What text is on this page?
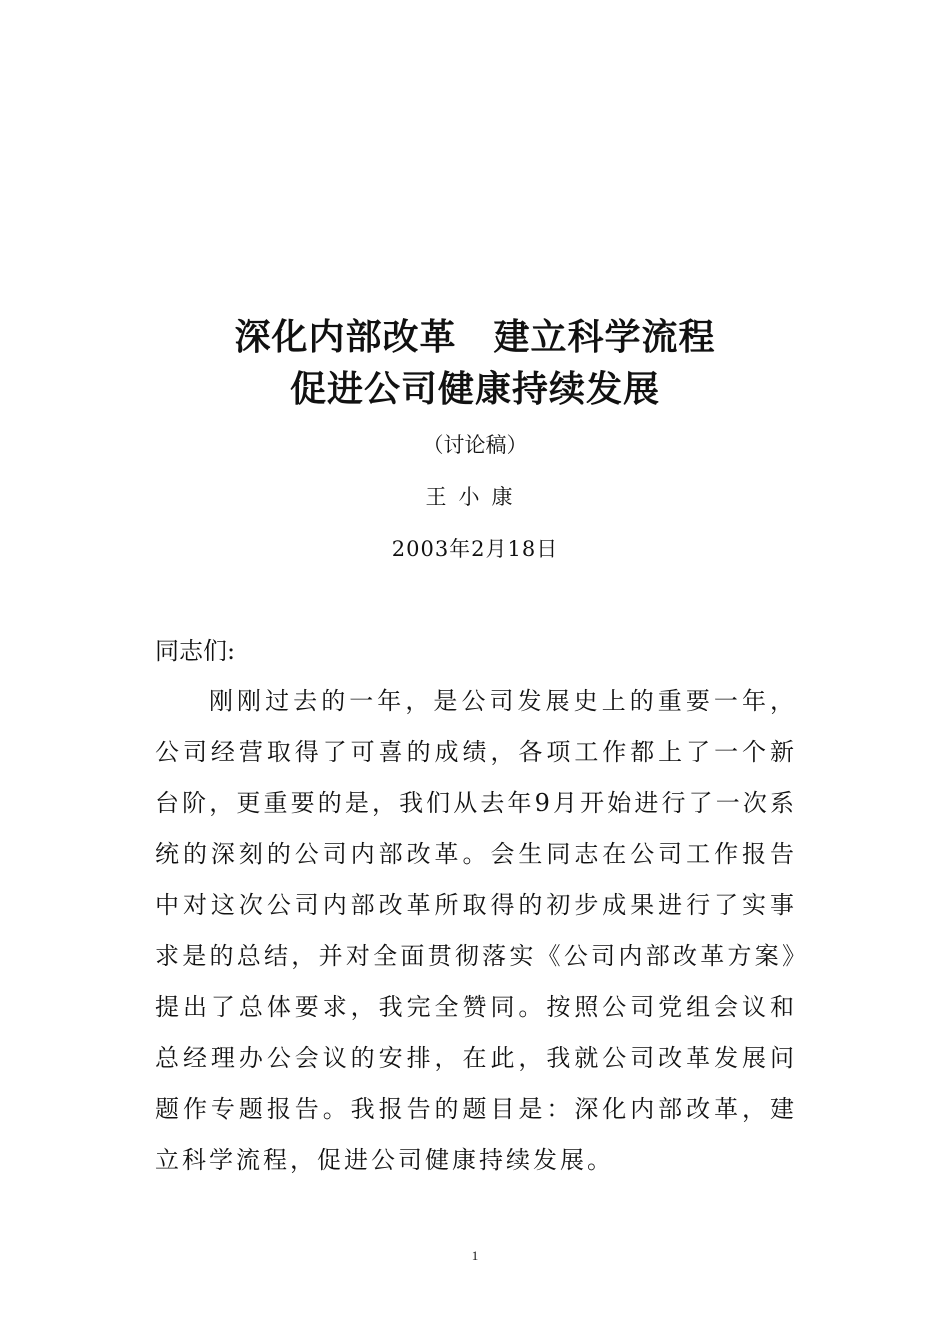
深化内部改革　建立科学流程
促进公司健康持续发展
（讨论稿）
王小康
2003年2月18日
同志们:

刚刚过去的一年，是公司发展史上的重要一年，公司经营取得了可喜的成绩，各项工作都上了一个新台阶，更重要的是，我们从去年9月开始进行了一次系统的深刻的公司内部改革。会生同志在公司工作报告中对这次公司内部改革所取得的初步成果进行了实事求是的总结，并对全面贯彻落实《公司内部改革方案》提出了总体要求，我完全赞同。按照公司党组会议和总经理办公会议的安排，在此，我就公司改革发展问题作专题报告。我报告的题目是：深化内部改革，建立科学流程，促进公司健康持续发展。

1
